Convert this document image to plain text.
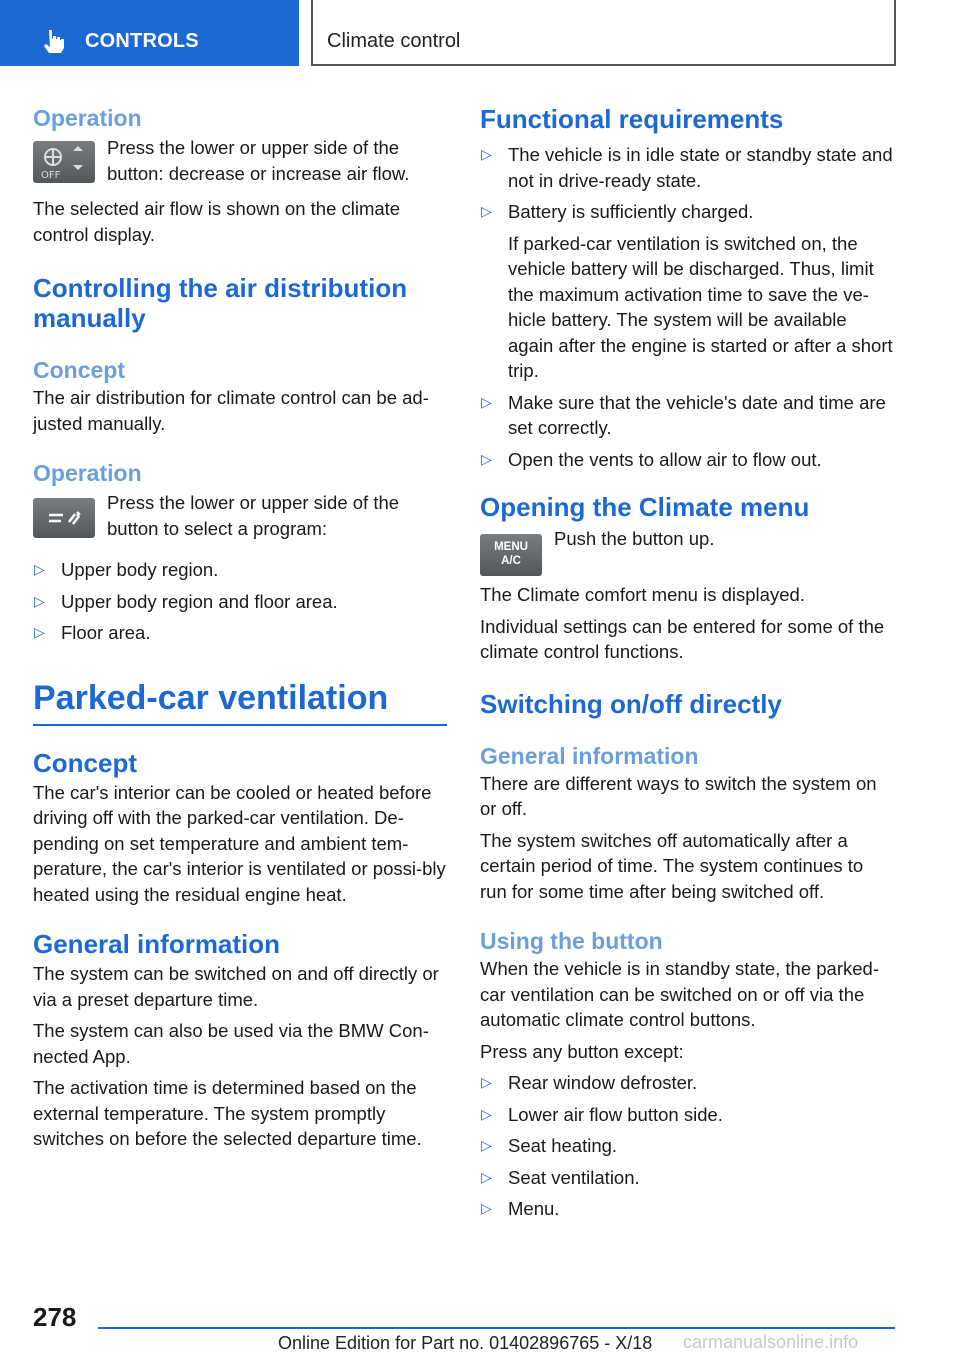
CONTROLS	Climate control
Operation
OFF
Press the lower or upper side of the button: decrease or increase air flow.
The selected air flow is shown on the climate control display.
Controlling the air distribution manually
Concept
The air distribution for climate control can be ad-justed manually.
Operation
Press the lower or upper side of the button to select a program:
▷ Upper body region.
▷ Upper body region and floor area.
▷ Floor area.
Parked-car ventilation
Concept
The car's interior can be cooled or heated before driving off with the parked-car ventilation. De-pending on set temperature and ambient tem-perature, the car's interior is ventilated or possi-bly heated using the residual engine heat.
General information
The system can be switched on and off directly or via a preset departure time.
The system can also be used via the BMW Con-nected App.
The activation time is determined based on the external temperature. The system promptly switches on before the selected departure time.
Functional requirements
▷ The vehicle is in idle state or standby state and not in drive-ready state.
▷ Battery is sufficiently charged.
If parked-car ventilation is switched on, the vehicle battery will be discharged. Thus, limit the maximum activation time to save the ve-hicle battery. The system will be available again after the engine is started or after a short trip.
▷ Make sure that the vehicle's date and time are set correctly.
▷ Open the vents to allow air to flow out.
Opening the Climate menu
MENU
A/C
Push the button up.
The Climate comfort menu is displayed.
Individual settings can be entered for some of the climate control functions.
Switching on/off directly
General information
There are different ways to switch the system on or off.
The system switches off automatically after a certain period of time. The system continues to run for some time after being switched off.
Using the button
When the vehicle is in standby state, the parked-car ventilation can be switched on or off via the automatic climate control buttons.
Press any button except:
▷ Rear window defroster.
▷ Lower air flow button side.
▷ Seat heating.
▷ Seat ventilation.
▷ Menu.
278
Online Edition for Part no. 01402896765 - X/18 carmanualsonline.info
